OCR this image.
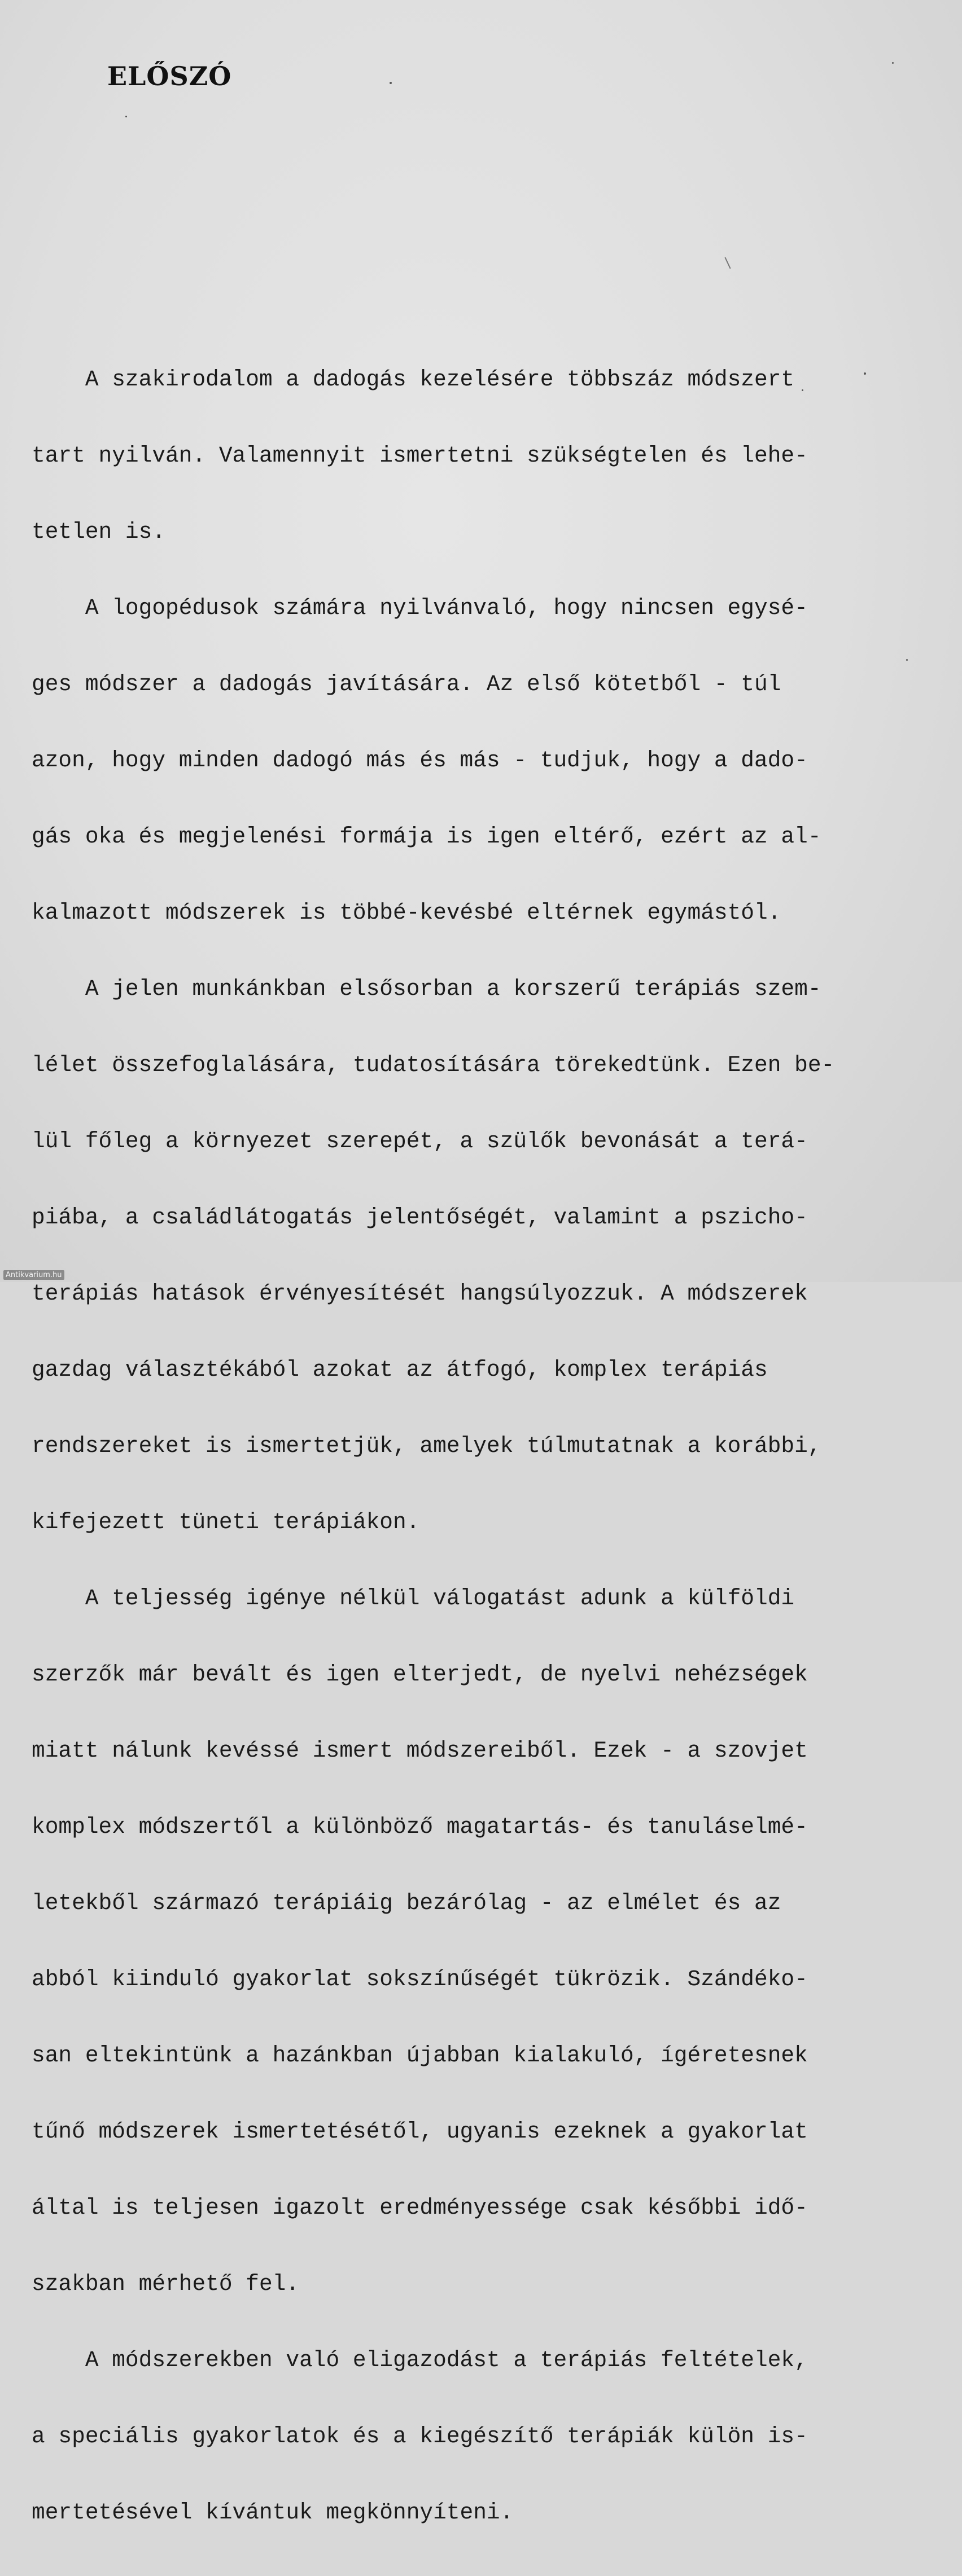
ELŐSZÓ

A szakirodalom a dadogás kezelésére többszáz módszert

tart nyilván. Valamennyit ismertetni szükségtelen és lehe-

tetlen is.

A logopédusok számára nyilvánvaló, hogy nincsen egysé-

ges módszer a dadogás javítására. Az első kötetből - túl

azon, hogy minden dadogó más és más - tudjuk, hogy a dado-

gás oka és megjelenési formája is igen eltérő, ezért az al-

kalmazott módszerek is többé-kevésbé eltérnek egymástól.

A jelen munkánkban elsősorban a korszerű terápiás szem-

lélet összefoglalására, tudatosítására törekedtünk. Ezen be-

lül főleg a környezet szerepét, a szülők bevonását a terá-

piába, a családlátogatás jelentőségét, valamint a pszicho-

terápiás hatások érvényesítését hangsúlyozzuk. A módszerek

gazdag választékából azokat az átfogó, komplex terápiás

rendszereket is ismertetjük, amelyek túlmutatnak a korábbi,

kifejezett tüneti terápiákon.

A teljesség igénye nélkül válogatást adunk a külföldi

szerzők már bevált és igen elterjedt, de nyelvi nehézségek

miatt nálunk kevéssé ismert módszereiből. Ezek - a szovjet

komplex módszertől a különböző magatartás- és tanuláselmé-

letekből származó terápiáig bezárólag - az elmélet és az

abból kiinduló gyakorlat sokszínűségét tükrözik. Szándéko-

san eltekintünk a hazánkban újabban kialakuló, ígéretesnek

tűnő módszerek ismertetésétől, ugyanis ezeknek a gyakorlat

által is teljesen igazolt eredményessége csak későbbi idő-

szakban mérhető fel.

A módszerekben való eligazodást a terápiás feltételek,

a speciális gyakorlatok és a kiegészítő terápiák külön is-

mertetésével kívántuk megkönnyíteni.

Antikvarium.hu
